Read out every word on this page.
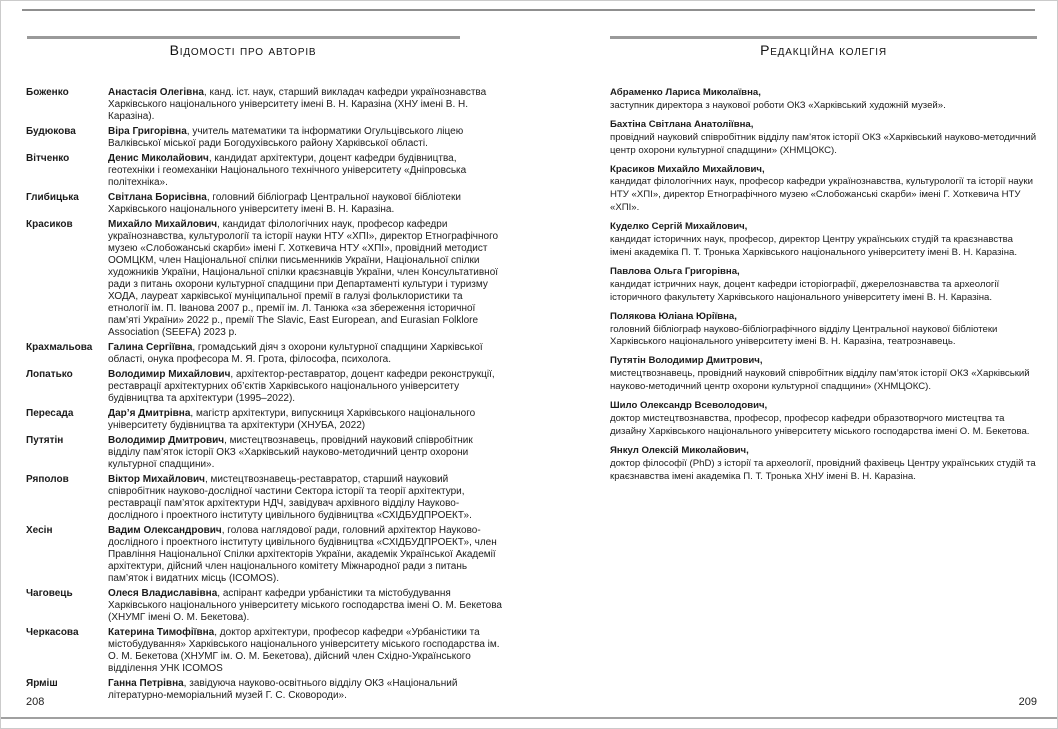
Відомості про авторів
Боженко	Анастасія Олегівна, канд. іст. наук, старший викладач кафедри українознавства Харківського національного університету імені В. Н. Каразіна (ХНУ імені В. Н. Каразіна).
Будюкова	Віра Григорівна, учитель математики та інформатики Огульцівського ліцею Валківської міської ради Богодухівського району Харківської області.
Вітченко	Денис Миколайович, кандидат архітектури, доцент кафедри будівництва, геотехніки і геомеханіки Національного технічного університету «Дніпровська політехніка».
Глибицька	Світлана Борисівна, головний бібліограф Центральної наукової бібліотеки Харківського національного університету імені В. Н. Каразіна.
Красиков	Михайло Михайлович, кандидат філологічних наук, професор кафедри українознавства, культурології та історії науки НТУ «ХПІ», директор Етнографічного музею «Слобожанські скарби» імені Г. Хоткевича НТУ «ХПІ», провідний методист ООМЦКМ, член Національної спілки письменників України, Національної спілки художників України, Національної спілки краєзнавців України, член Консультативної ради з питань охорони культурної спадщини при Департаменті культури і туризму ХОДА, лауреат харківської муніципальної премії в галузі фольклористики та етнології ім. П. Іванова 2007 р., премії ім. Л. Танюка «за збереження історичної пам’яті України» 2022 р., премії The Slavic, East European, and Eurasian Folklore Association (SEEFA) 2023 р.
Крахмальова	Галина Сергіївна, громадський діяч з охорони культурної спадщини Харківської області, онука професора М. Я. Грота, філософа, психолога.
Лопатько	Володимир Михайлович, архітектор-реставратор, доцент кафедри реконструкції, реставрації архітектурних об’єктів Харківського національного університету будівництва та архітектури (1995–2022).
Пересада	Дар’я Дмитрівна, магістр архітектури, випускниця Харківського національного університету будівництва та архітектури (ХНУБА, 2022)
Путятін	Володимир Дмитрович, мистецтвознавець, провідний науковий співробітник відділу пам’яток історії ОКЗ «Харківський науково-методичний центр охорони культурної спадщини».
Ряполов	Віктор Михайлович, мистецтвознавець-реставратор, старший науковий співробітник науково-дослідної частини Сектора історії та теорії архітектури, реставрації пам’яток архітектури НДЧ, завідувач архівного відділу Науково-дослідного і проектного інституту цивільного будівництва «СХІДБУДПРОЕКТ».
Хесін	Вадим Олександрович, голова наглядової ради, головний архітектор Науково-дослідного і проектного інституту цивільного будівництва «СХІДБУДПРОЕКТ», член Правління Національної Спілки архітекторів України, академік Української Академії архітектури, дійсний член національного комітету Міжнародної ради з питань пам’яток і видатних місць (ICOMOS).
Чаговець	Олеся Владиславівна, аспірант кафедри урбаністики та містобудування Харківського національного університету міського господарства імені О. М. Бекетова (ХНУМГ імені О. М. Бекетова).
Черкасова	Катерина Тимофіївна, доктор архітектури, професор кафедри «Урбаністики та містобудування» Харківського національного університету міського господарства ім. О. М. Бекетова (ХНУМГ ім. О. М. Бекетова), дійсний член Східно-Українського відділення УНК ICOMOS
Ярміш	Ганна Петрівна, завідуюча науково-освітнього відділу ОКЗ «Національний літературно-меморіальний музей Г. С. Сковороди».
208
Редакційна колегія
Абраменко Лариса Миколаївна,
заступник директора з наукової роботи ОКЗ «Харківський художній музей».
Бахтіна Світлана Анатоліївна,
провідний науковий співробітник відділу пам’яток історії ОКЗ «Харківський науково-методичний центр охорони культурної спадщини» (ХНМЦОКС).
Красиков Михайло Михайлович,
кандидат філологічних наук, професор кафедри українознавства, культурології та історії науки НТУ «ХПІ», директор Етнографічного музею «Слобожанські скарби» імені Г. Хоткевича НТУ «ХПІ».
Куделко Сергій Михайлович,
кандидат історичних наук, професор, директор Центру українських студій та краєзнавства імені академіка П. Т. Тронька Харківського національного університету імені В. Н. Каразіна.
Павлова Ольга Григорівна,
кандидат істричних наук, доцент кафедри історіографії, джерелознавства та археології історичного факультету Харківського національного університету імені В. Н. Каразіна.
Полякова Юліана Юріївна,
головний бібліограф науково-бібліографічного відділу Центральної наукової бібліотеки Харківського національного університету імені В. Н. Каразіна, театрознавець.
Путятін Володимир Дмитрович,
мистецтвознавець, провідний науковий співробітник відділу пам’яток історії ОКЗ «Харківський науково-методичний центр охорони культурної спадщини» (ХНМЦОКС).
Шило Олександр Всеволодович,
доктор мистецтвознавства, професор, професор кафедри образотворчого мистецтва та дизайну Харківського національного університету міського господарства імені О. М. Бекетова.
Янкул Олексій Миколайович,
доктор філософії (PhD) з історії та археології, провідний фахівець Центру українських студій та краєзнавства імені академіка П. Т. Тронька ХНУ імені В. Н. Каразіна.
209
